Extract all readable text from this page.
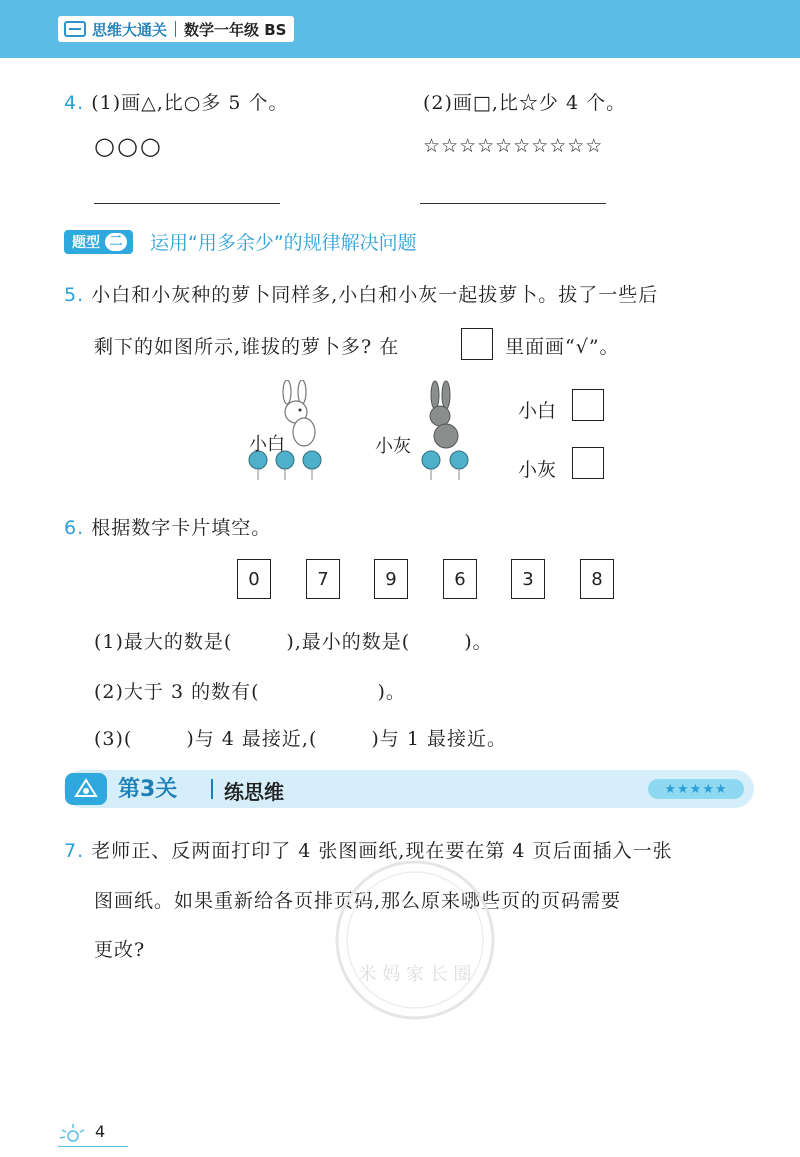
思维大通关 数学一年级 BS
4. (1)画△,比○多 5 个。	(2)画□,比☆少 4 个。
○○○	☆☆☆☆☆☆☆☆☆☆
题型 二 运用“用多余少”的规律解决问题
5. 小白和小灰种的萝卜同样多,小白和小灰一起拔萝卜。拔了一些后
剩下的如图所示,谁拔的萝卜多? 在	里面画“√”。
小白	小灰
小白
小灰
6. 根据数字卡片填空。
0	7	9	6	3	8
(1)最大的数是(	),最小的数是(	)。
(2)大于 3 的数有(	)。
(3)(	)与 4 最接近,(	)与 1 最接近。
第3关 练思维	★★★★★
7. 老师正、反两面打印了 4 张图画纸,现在要在第 4 页后面插入一张
图画纸。如果重新给各页排页码,那么原来哪些页的页码需要
更改?
米 妈 家 长 圈
4
